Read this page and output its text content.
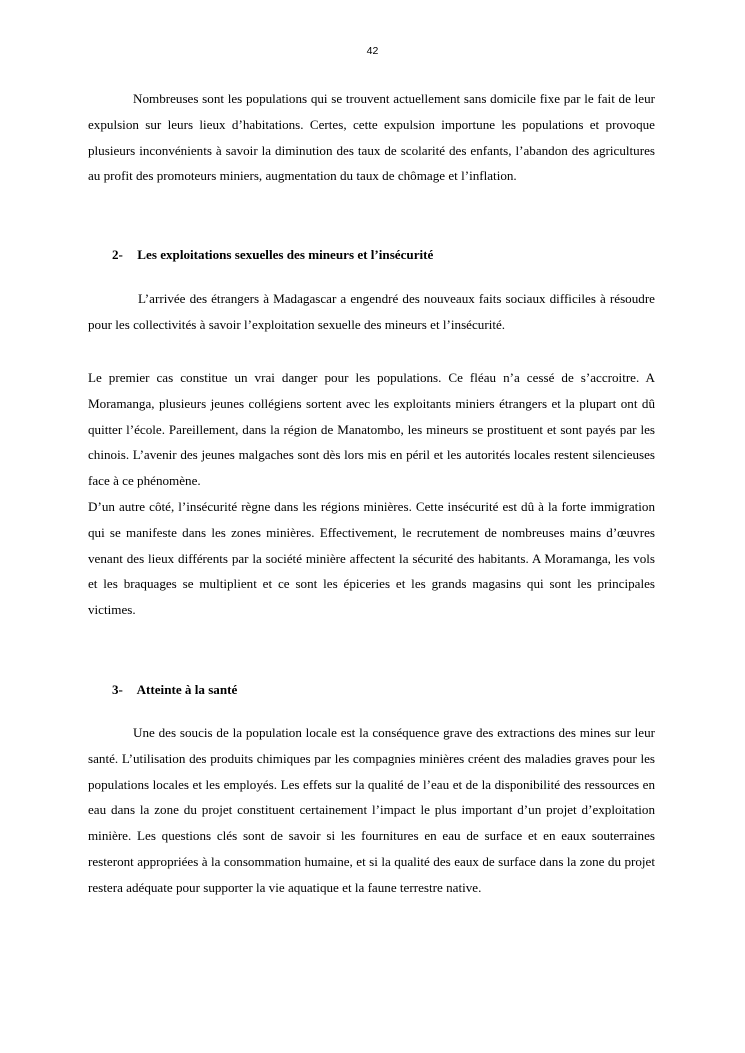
42

Nombreuses sont les populations qui se trouvent actuellement sans domicile fixe par le fait de leur expulsion sur leurs lieux d’habitations. Certes, cette expulsion importune les populations et provoque plusieurs inconvénients à savoir la diminution des taux de scolarité des enfants, l’abandon des agricultures au profit des promoteurs miniers, augmentation du taux de chômage et l’inflation.

2- Les exploitations sexuelles des mineurs et l’insécurité

L’arrivée des étrangers à Madagascar a engendré des nouveaux faits sociaux difficiles à résoudre pour les collectivités à savoir l’exploitation sexuelle des mineurs et l’insécurité.

Le premier cas constitue un vrai danger pour les populations. Ce fléau n’a cessé de s’accroitre. A Moramanga, plusieurs jeunes collégiens sortent avec les exploitants miniers étrangers et la plupart ont dû quitter l’école. Pareillement, dans la région de Manatombo, les mineurs se prostituent et sont payés par les chinois. L’avenir des jeunes malgaches sont dès lors mis en péril et les autorités locales restent silencieuses face à ce phénomène.

D’un autre côté, l’insécurité règne dans les régions minières. Cette insécurité est dû à la forte immigration qui se manifeste dans les zones minières. Effectivement, le recrutement de nombreuses mains d’œuvres venant des lieux différents par la société minière affectent la sécurité des habitants. A Moramanga, les vols et les braquages se multiplient et ce sont les épiceries et les grands magasins qui sont les principales victimes.

3- Atteinte à la santé

Une des soucis de la population locale est la conséquence grave des extractions des mines sur leur santé. L’utilisation des produits chimiques par les compagnies minières créent des maladies graves pour les populations locales et les employés. Les effets sur la qualité de l’eau et de la disponibilité des ressources en eau dans la zone du projet constituent certainement l’impact le plus important d’un projet d’exploitation minière. Les questions clés sont de savoir si les fournitures en eau de surface et en eaux souterraines resteront appropriées à la consommation humaine, et si la qualité des eaux de surface dans la zone du projet restera adéquate pour supporter la vie aquatique et la faune terrestre native.
